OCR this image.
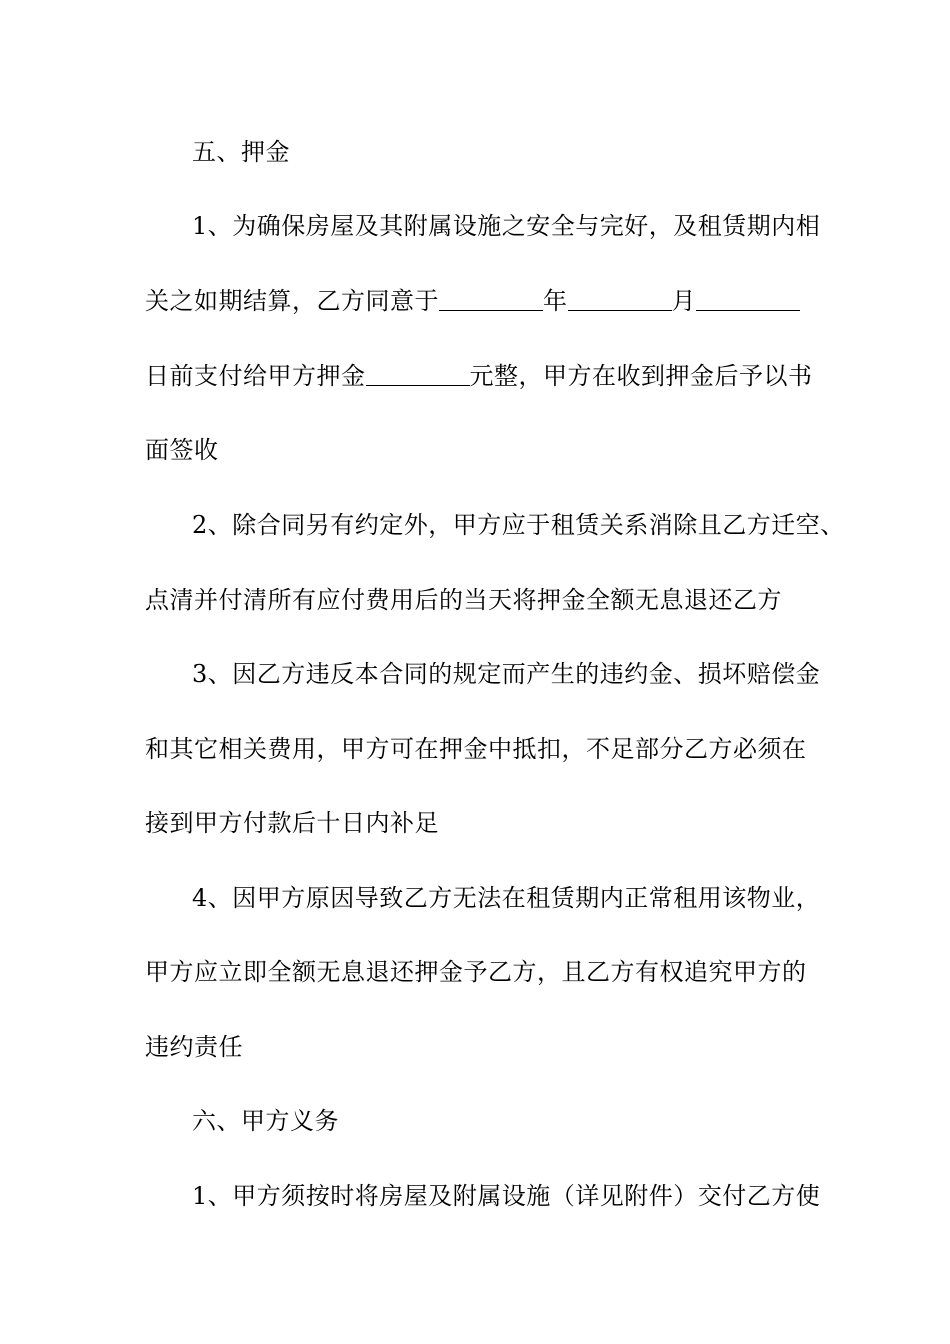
五、押金
1、为确保房屋及其附属设施之安全与完好，及租赁期内相
关之如期结算，乙方同意于	年	月
日前支付给甲方押金	元整，甲方在收到押金后予以书
面签收
2、除合同另有约定外，甲方应于租赁关系消除且乙方迁空、
点清并付清所有应付费用后的当天将押金全额无息退还乙方
3、因乙方违反本合同的规定而产生的违约金、损坏赔偿金
和其它相关费用，甲方可在押金中抵扣，不足部分乙方必须在
接到甲方付款后十日内补足
4、因甲方原因导致乙方无法在租赁期内正常租用该物业，
甲方应立即全额无息退还押金予乙方，且乙方有权追究甲方的
违约责任
六、甲方义务
1、甲方须按时将房屋及附属设施（详见附件）交付乙方使
